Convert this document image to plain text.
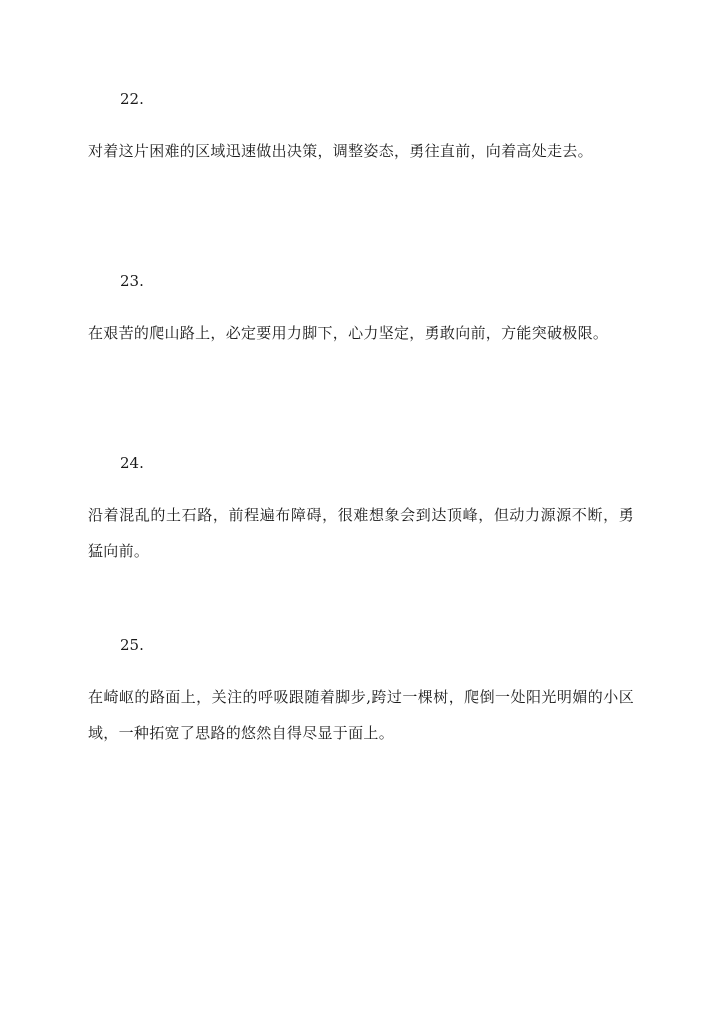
22.
对着这片困难的区域迅速做出决策，调整姿态，勇往直前，向着高处走去。
23.
在艰苦的爬山路上，必定要用力脚下，心力坚定，勇敢向前，方能突破极限。
24.
沿着混乱的土石路，前程遍布障碍，很难想象会到达顶峰，但动力源源不断，勇猛向前。
25.
在崎岖的路面上，关注的呼吸跟随着脚步,跨过一棵树，爬倒一处阳光明媚的小区域，一种拓宽了思路的悠然自得尽显于面上。
